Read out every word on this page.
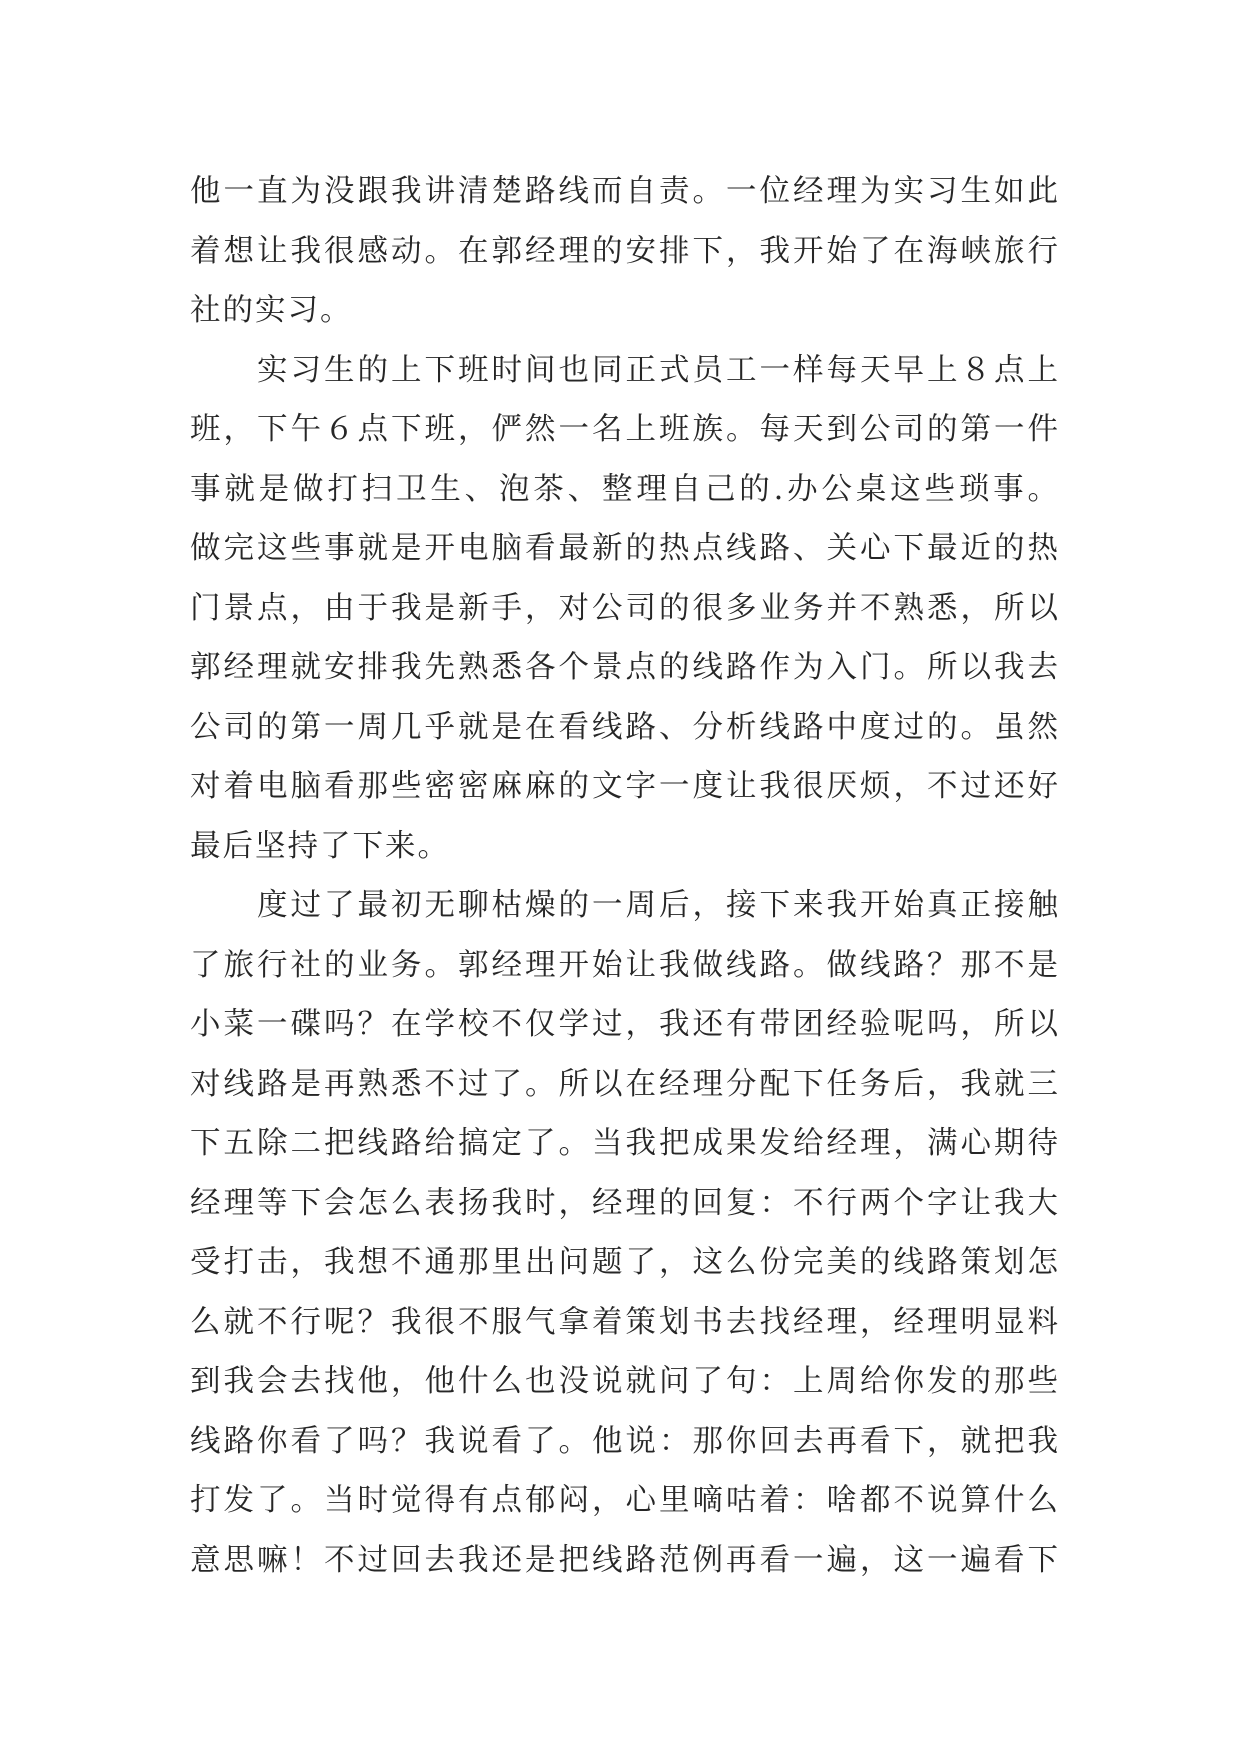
他一直为没跟我讲清楚路线而自责。一位经理为实习生如此
着想让我很感动。在郭经理的安排下，我开始了在海峡旅行
社的实习。
　　实习生的上下班时间也同正式员工一样每天早上８点上
班，下午６点下班，俨然一名上班族。每天到公司的第一件
事就是做打扫卫生、泡茶、整理自己的.办公桌这些琐事。
做完这些事就是开电脑看最新的热点线路、关心下最近的热
门景点，由于我是新手，对公司的很多业务并不熟悉，所以
郭经理就安排我先熟悉各个景点的线路作为入门。所以我去
公司的第一周几乎就是在看线路、分析线路中度过的。虽然
对着电脑看那些密密麻麻的文字一度让我很厌烦，不过还好
最后坚持了下来。
　　度过了最初无聊枯燥的一周后，接下来我开始真正接触
了旅行社的业务。郭经理开始让我做线路。做线路？那不是
小菜一碟吗？在学校不仅学过，我还有带团经验呢吗，所以
对线路是再熟悉不过了。所以在经理分配下任务后，我就三
下五除二把线路给搞定了。当我把成果发给经理，满心期待
经理等下会怎么表扬我时，经理的回复：不行两个字让我大
受打击，我想不通那里出问题了，这么份完美的线路策划怎
么就不行呢？我很不服气拿着策划书去找经理，经理明显料
到我会去找他，他什么也没说就问了句：上周给你发的那些
线路你看了吗？我说看了。他说：那你回去再看下，就把我
打发了。当时觉得有点郁闷，心里嘀咕着：啥都不说算什么
意思嘛！不过回去我还是把线路范例再看一遍，这一遍看下
